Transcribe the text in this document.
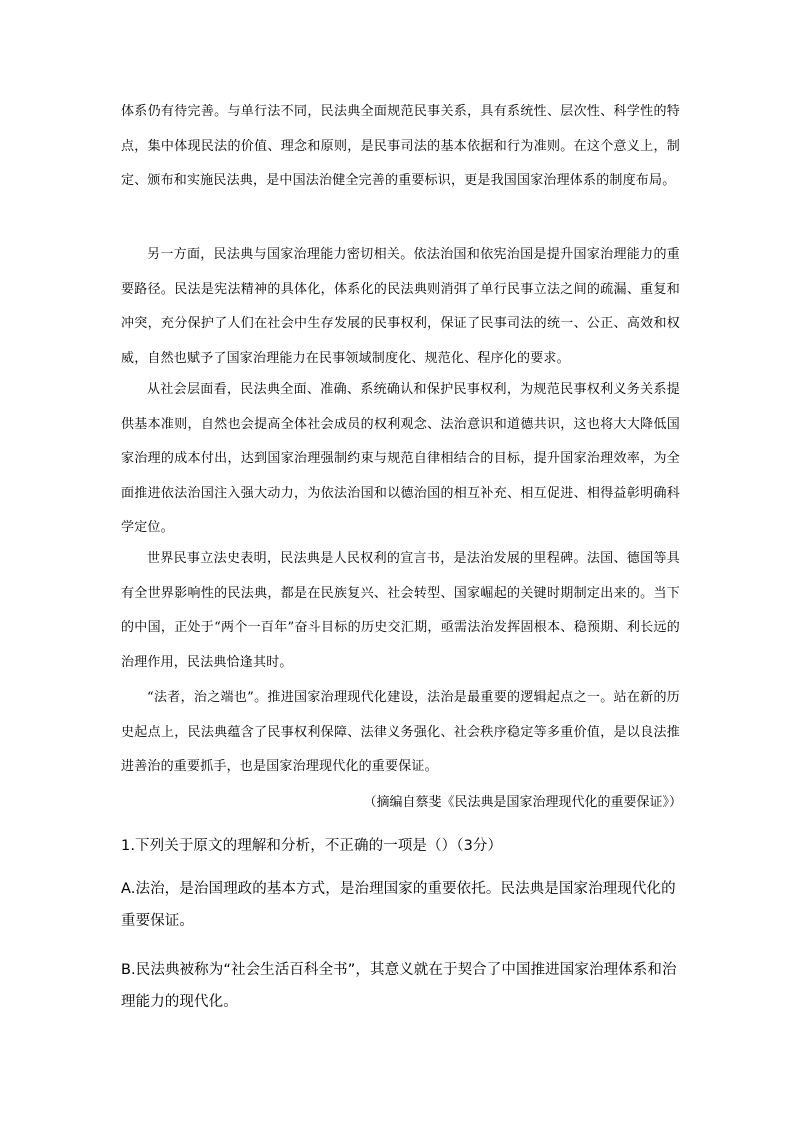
体系仍有待完善。与单行法不同，民法典全面规范民事关系，具有系统性、层次性、科学性的特点，集中体现民法的价值、理念和原则，是民事司法的基本依据和行为准则。在这个意义上，制定、颁布和实施民法典，是中国法治健全完善的重要标识，更是我国国家治理体系的制度布局。

另一方面，民法典与国家治理能力密切相关。依法治国和依宪治国是提升国家治理能力的重要路径。民法是宪法精神的具体化，体系化的民法典则消弭了单行民事立法之间的疏漏、重复和冲突，充分保护了人们在社会中生存发展的民事权利，保证了民事司法的统一、公正、高效和权威，自然也赋予了国家治理能力在民事领域制度化、规范化、程序化的要求。

从社会层面看，民法典全面、准确、系统确认和保护民事权利，为规范民事权利义务关系提供基本准则，自然也会提高全体社会成员的权利观念、法治意识和道德共识，这也将大大降低国家治理的成本付出，达到国家治理强制约束与规范自律相结合的目标，提升国家治理效率，为全面推进依法治国注入强大动力，为依法治国和以德治国的相互补充、相互促进、相得益彰明确科学定位。

世界民事立法史表明，民法典是人民权利的宣言书，是法治发展的里程碑。法国、德国等具有全世界影响性的民法典，都是在民族复兴、社会转型、国家崛起的关键时期制定出来的。当下的中国，正处于“两个一百年”奋斗目标的历史交汇期，亟需法治发挥固根本、稳预期、利长远的治理作用，民法典恰逢其时。

“法者，治之端也”。推进国家治理现代化建设，法治是最重要的逻辑起点之一。站在新的历史起点上，民法典蕴含了民事权利保障、法律义务强化、社会秩序稳定等多重价值，是以良法推进善治的重要抓手，也是国家治理现代化的重要保证。

（摘编自蔡斐《民法典是国家治理现代化的重要保证》）

1.下列关于原文的理解和分析，不正确的一项是（）（3分）

A.法治，是治国理政的基本方式，是治理国家的重要依托。民法典是国家治理现代化的重要保证。

B.民法典被称为“社会生活百科全书”，其意义就在于契合了中国推进国家治理体系和治理能力的现代化。
